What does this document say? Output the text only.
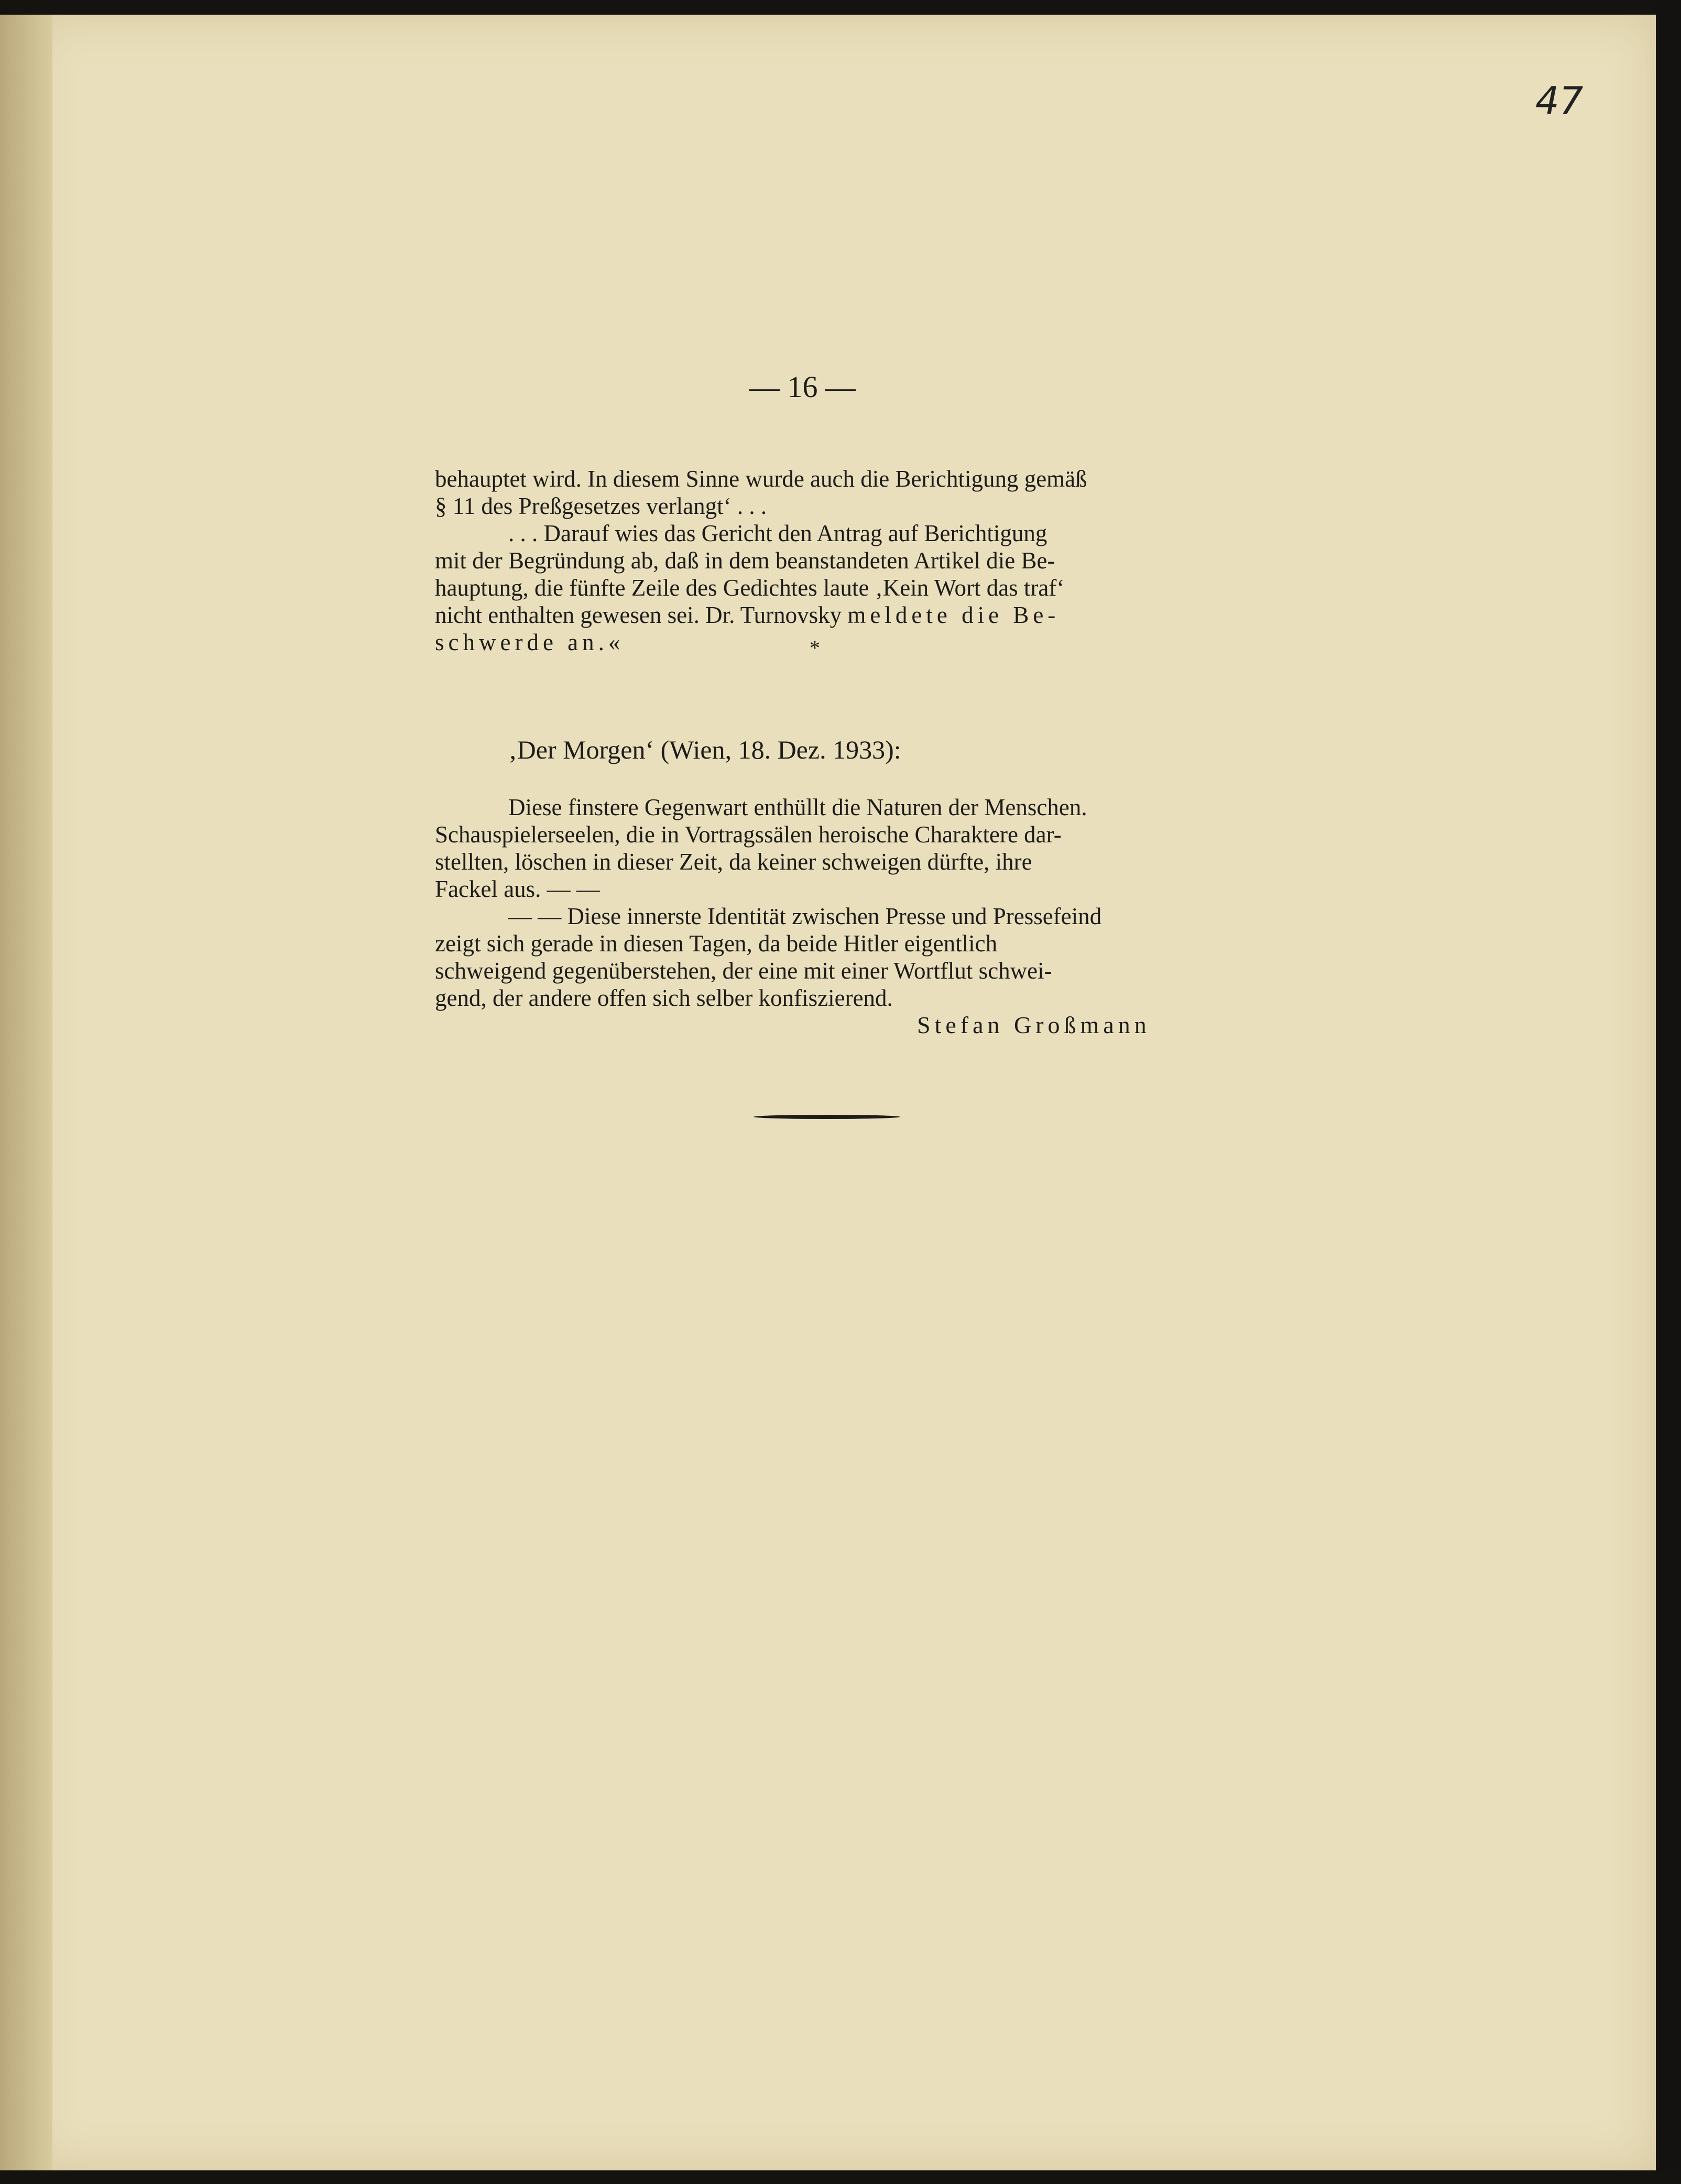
47
— 16 —
behauptet wird. In diesem Sinne wurde auch die Berichtigung gemäß
§ 11 des Preßgesetzes verlangt‘ . . .
. . . Darauf wies das Gericht den Antrag auf Berichtigung
mit der Begründung ab, daß in dem beanstandeten Artikel die Be-
hauptung, die fünfte Zeile des Gedichtes laute ‚Kein Wort das traf‘
nicht enthalten gewesen sei. Dr. Turnovsky meldete die Be-
schwerde an.«	*
‚Der Morgen‘ (Wien, 18. Dez. 1933):
Diese finstere Gegenwart enthüllt die Naturen der Menschen.
Schauspielerseelen, die in Vortragssälen heroische Charaktere dar-
stellten, löschen in dieser Zeit, da keiner schweigen dürfte, ihre
Fackel aus. — —
— — Diese innerste Identität zwischen Presse und Pressefeind
zeigt sich gerade in diesen Tagen, da beide Hitler eigentlich
schweigend gegenüberstehen, der eine mit einer Wortflut schwei-
gend, der andere offen sich selber konfiszierend.
Stefan Großmann
